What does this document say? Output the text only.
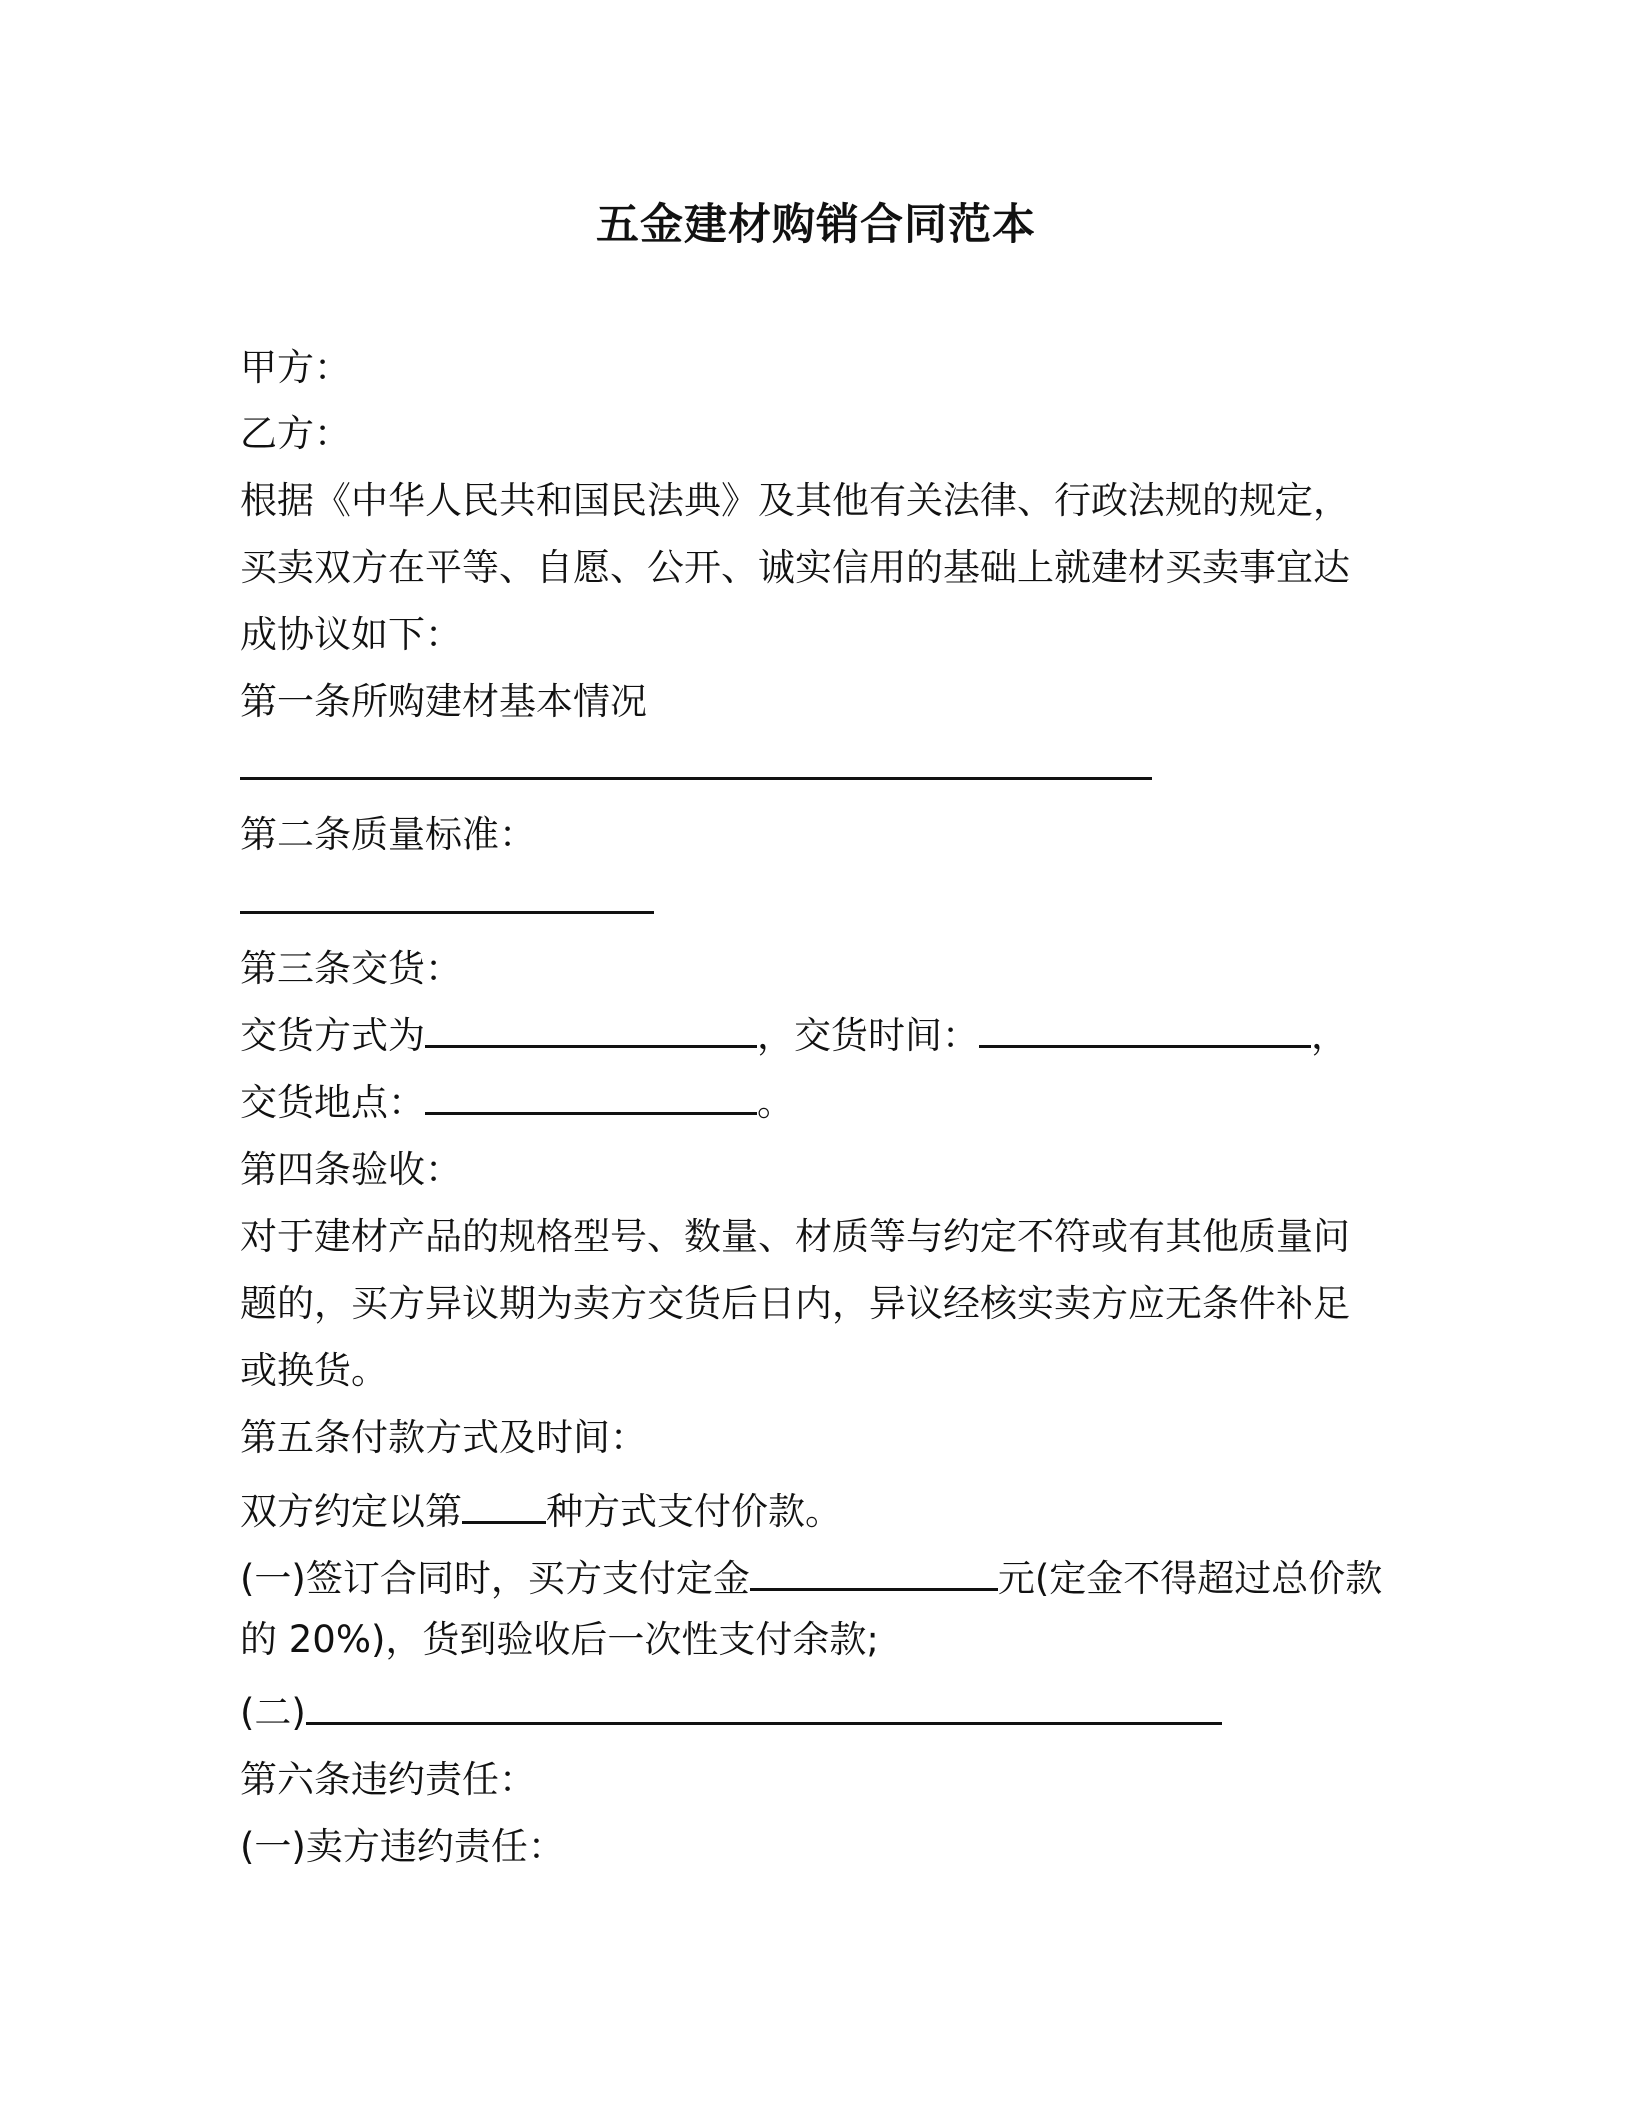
五金建材购销合同范本

甲方：

乙方：

根据《中华人民共和国民法典》及其他有关法律、行政法规的规定，

买卖双方在平等、自愿、公开、诚实信用的基础上就建材买卖事宜达

成协议如下：

第一条所购建材基本情况

第二条质量标准：

第三条交货：

交货方式为	，交货时间：	，

交货地点：	。

第四条验收：

对于建材产品的规格型号、数量、材质等与约定不符或有其他质量问

题的，买方异议期为卖方交货后日内，异议经核实卖方应无条件补足

或换货。

第五条付款方式及时间：

双方约定以第 种方式支付价款。

(一)签订合同时，买方支付定金	元(定金不得超过总价款

的 20%)，货到验收后一次性支付余款;

(二)

第六条违约责任：

(一)卖方违约责任：
